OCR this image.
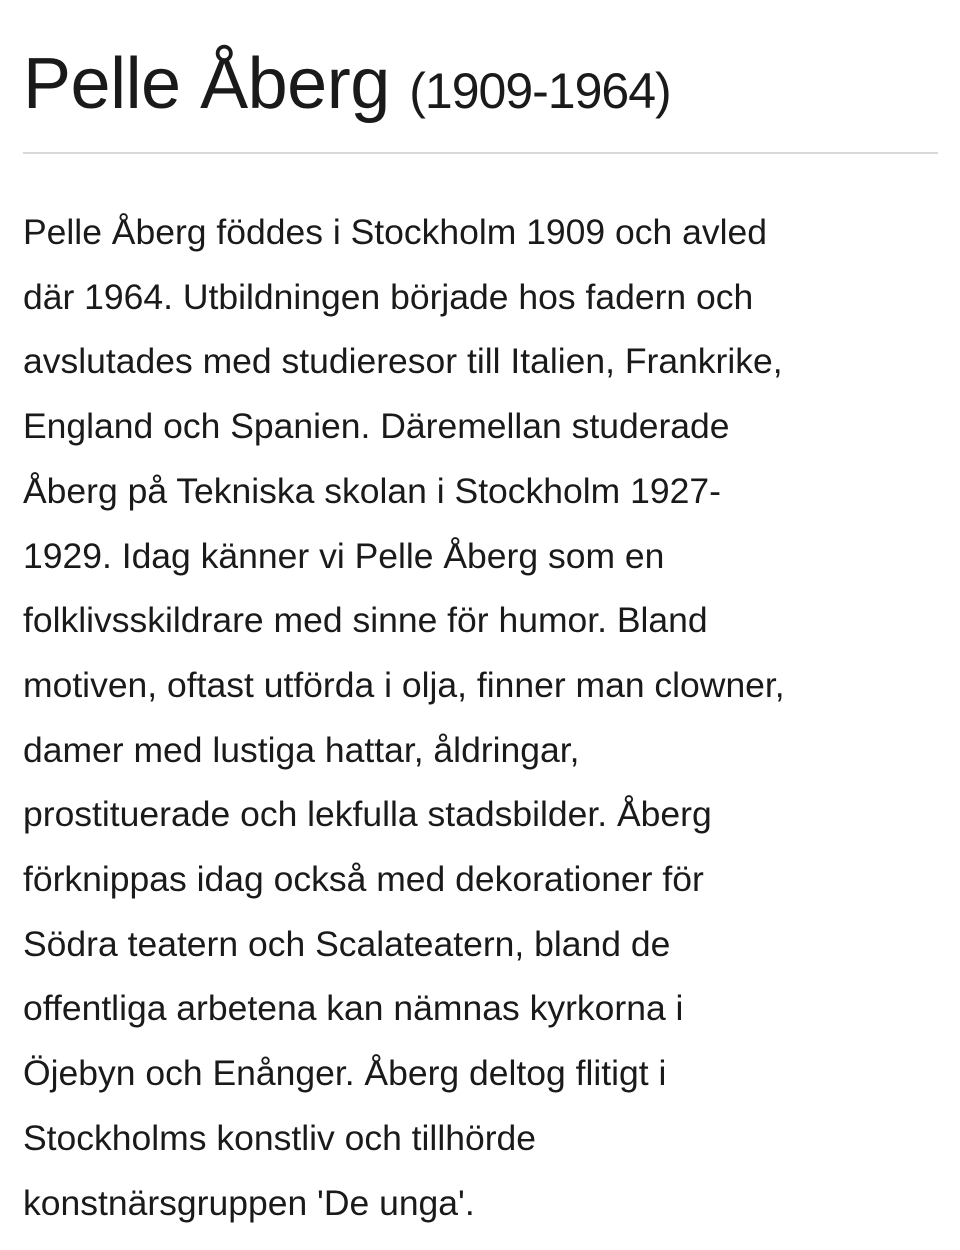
Pelle Åberg (1909-1964)

Pelle Åberg föddes i Stockholm 1909 och avled
där 1964. Utbildningen började hos fadern och
avslutades med studieresor till Italien, Frankrike,
England och Spanien. Däremellan studerade
Åberg på Tekniska skolan i Stockholm 1927-
1929. Idag känner vi Pelle Åberg som en
folklivsskildrare med sinne för humor. Bland
motiven, oftast utförda i olja, finner man clowner,
damer med lustiga hattar, åldringar,
prostituerade och lekfulla stadsbilder. Åberg
förknippas idag också med dekorationer för
Södra teatern och Scalateatern, bland de
offentliga arbetena kan nämnas kyrkorna i
Öjebyn och Enånger. Åberg deltog flitigt i
Stockholms konstliv och tillhörde
konstnärsgruppen 'De unga'.
